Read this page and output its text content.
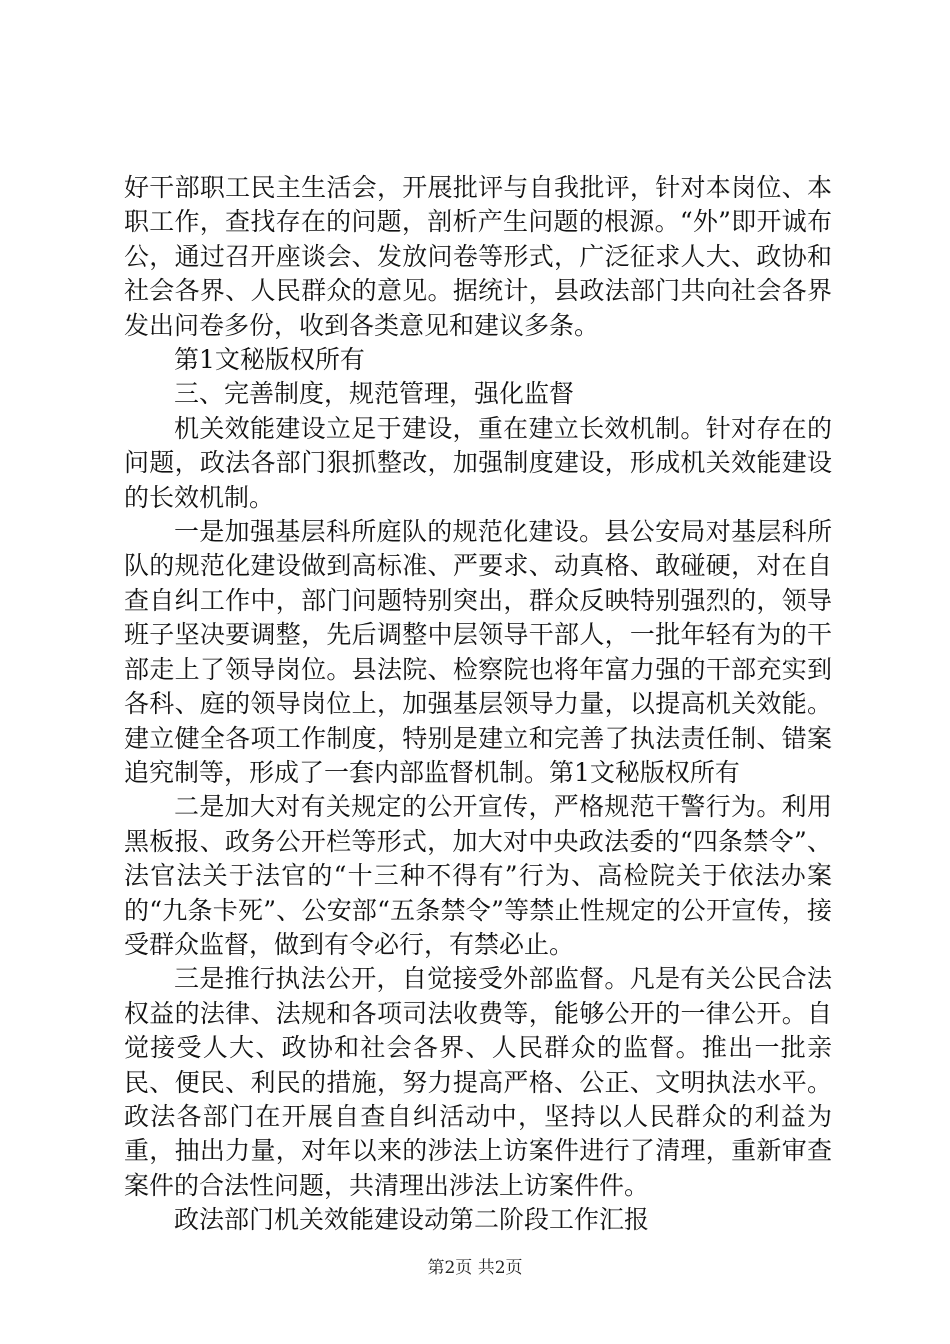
好干部职工民主生活会，开展批评与自我批评，针对本岗位、本职工作，查找存在的问题，剖析产生问题的根源。“外”即开诚布公，通过召开座谈会、发放问卷等形式，广泛征求人大、政协和社会各界、人民群众的意见。据统计，县政法部门共向社会各界发出问卷多份，收到各类意见和建议多条。

第1文秘版权所有

三、完善制度，规范管理，强化监督

机关效能建设立足于建设，重在建立长效机制。针对存在的问题，政法各部门狠抓整改，加强制度建设，形成机关效能建设的长效机制。

一是加强基层科所庭队的规范化建设。县公安局对基层科所队的规范化建设做到高标准、严要求、动真格、敢碰硬，对在自查自纠工作中，部门问题特别突出，群众反映特别强烈的，领导班子坚决要调整，先后调整中层领导干部人，一批年轻有为的干部走上了领导岗位。县法院、检察院也将年富力强的干部充实到各科、庭的领导岗位上，加强基层领导力量，以提高机关效能。建立健全各项工作制度，特别是建立和完善了执法责任制、错案追究制等，形成了一套内部监督机制。第1文秘版权所有

二是加大对有关规定的公开宣传，严格规范干警行为。利用黑板报、政务公开栏等形式，加大对中央政法委的“四条禁令”、法官法关于法官的“十三种不得有”行为、高检院关于依法办案的“九条卡死”、公安部“五条禁令”等禁止性规定的公开宣传，接受群众监督，做到有令必行，有禁必止。

三是推行执法公开，自觉接受外部监督。凡是有关公民合法权益的法律、法规和各项司法收费等，能够公开的一律公开。自觉接受人大、政协和社会各界、人民群众的监督。推出一批亲民、便民、利民的措施，努力提高严格、公正、文明执法水平。政法各部门在开展自查自纠活动中，坚持以人民群众的利益为重，抽出力量，对年以来的涉法上访案件进行了清理，重新审查案件的合法性问题，共清理出涉法上访案件件。

政法部门机关效能建设动第二阶段工作汇报

第2页 共2页
